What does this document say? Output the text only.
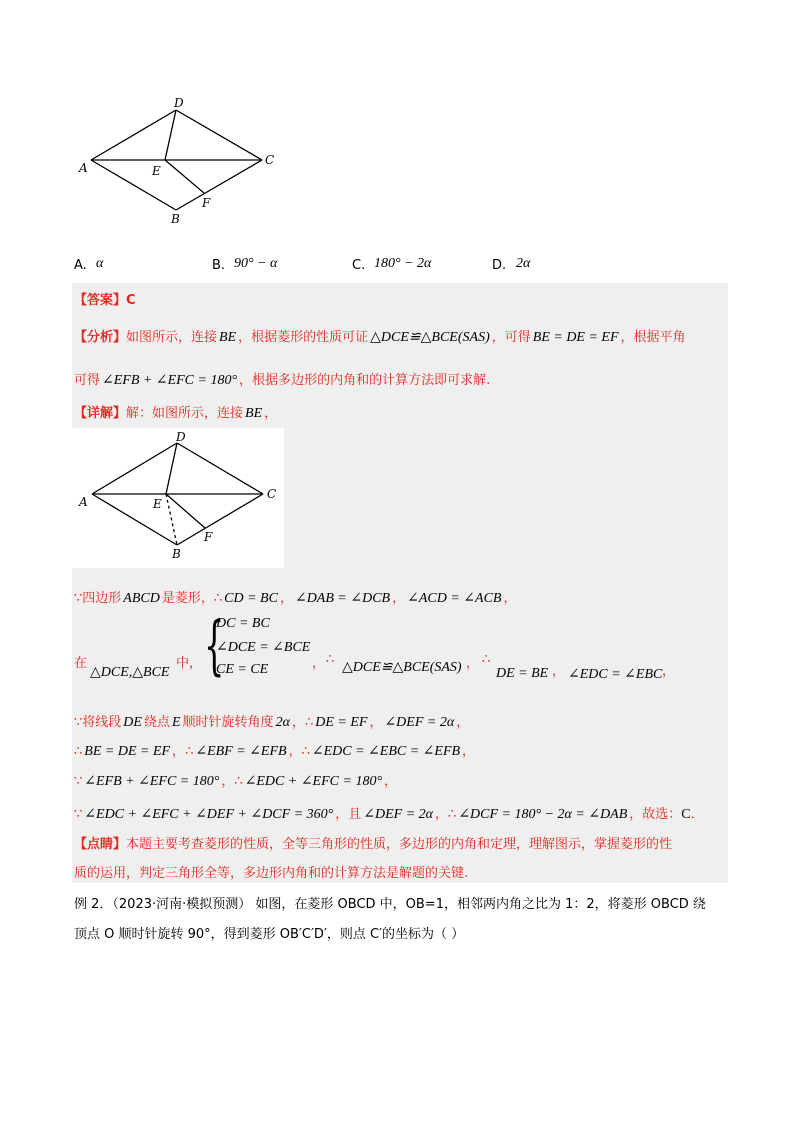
D
A	E
C
F
B
A. α	B. 90° − α	C. 180° − 2α	D. 2α
【答案】C
【分析】如图所示，连接 BE ，根据菱形的性质可证 △DCE≌△BCE(SAS) ，可得 BE = DE = EF ，根据平角
可得 ∠EFB + ∠EFC = 180° ，根据多边形的内角和的计算方法即可求解.
【详解】解：如图所示，连接 BE ，
D
A	E
C
F
B
∵四边形 ABCD 是菱形，∴ CD = BC ， ∠DAB = ∠DCB ， ∠ACD = ∠ACB ，
在
△DCE,△BCE
中， {
DC = BC
∠DCE = ∠BCE
CE = CE	， ∴
△DCE≌△BCE(SAS) ， ∴
DE = BE ， ∠EDC = ∠EBC ，
∵将线段 DE 绕点 E 顺时针旋转角度 2α ，∴ DE = EF ， ∠DEF = 2α ，
∴ BE = DE = EF ，∴ ∠EBF = ∠EFB ，∴ ∠EDC = ∠EBC = ∠EFB ，
∵ ∠EFB + ∠EFC = 180° ，∴ ∠EDC + ∠EFC = 180° ，
∵ ∠EDC + ∠EFC + ∠DEF + ∠DCF = 360° ，且 ∠DEF = 2α ，∴ ∠DCF = 180° − 2α = ∠DAB ，故选：C．
【点睛】本题主要考查菱形的性质，全等三角形的性质，多边形的内角和定理，理解图示，掌握菱形的性
质的运用，判定三角形全等，多边形内角和的计算方法是解题的关键.
例 2．（2023·河南·模拟预测） 如图，在菱形 OBCD 中，OB=1，相邻两内角之比为 1：2，将菱形 OBCD 绕
顶点 O 顺时针旋转 90°，得到菱形 OB′C′D′，则点 C′的坐标为（ ）
